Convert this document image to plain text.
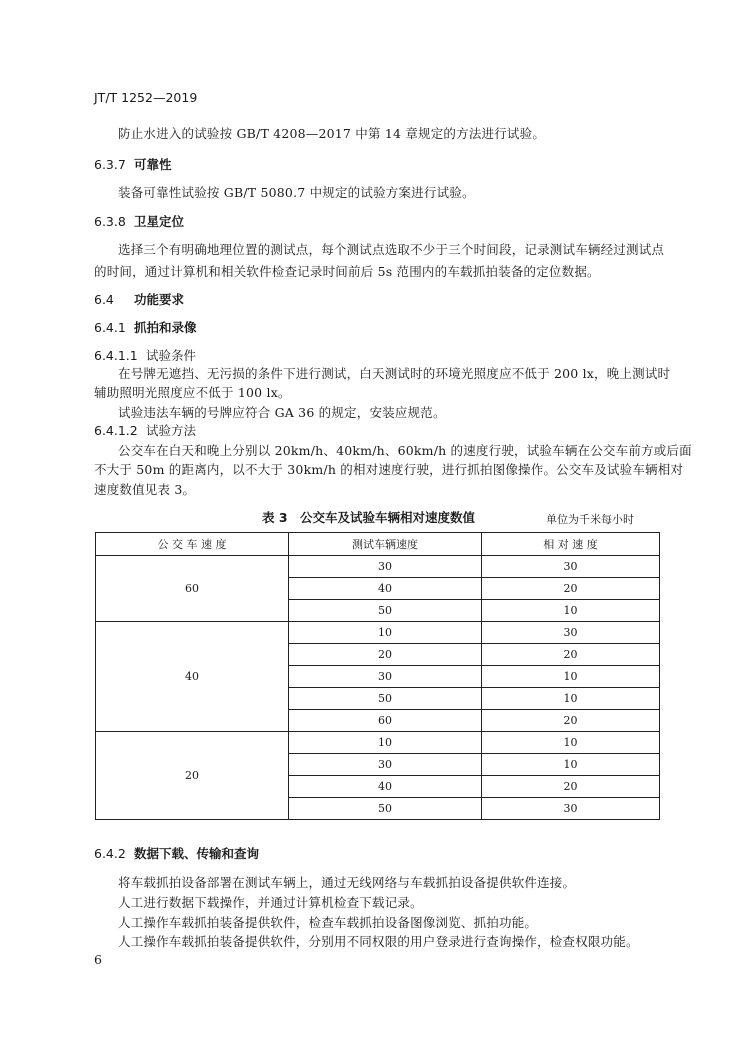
JT/T 1252—2019
防止水进入的试验按 GB/T 4208—2017 中第 14 章规定的方法进行试验。
6.3.7 可靠性
装备可靠性试验按 GB/T 5080.7 中规定的试验方案进行试验。
6.3.8 卫星定位
选择三个有明确地理位置的测试点，每个测试点选取不少于三个时间段，记录测试车辆经过测试点
的时间，通过计算机和相关软件检查记录时间前后 5s 范围内的车载抓拍装备的定位数据。
6.4 功能要求
6.4.1 抓拍和录像
6.4.1.1 试验条件
在号牌无遮挡、无污损的条件下进行测试，白天测试时的环境光照度应不低于 200 lx，晚上测试时
辅助照明光照度应不低于 100 lx。
试验违法车辆的号牌应符合 GA 36 的规定，安装应规范。
6.4.1.2 试验方法
公交车在白天和晚上分别以 20km/h、40km/h、60km/h 的速度行驶，试验车辆在公交车前方或后面
不大于 50m 的距离内，以不大于 30km/h 的相对速度行驶，进行抓拍图像操作。公交车及试验车辆相对
速度数值见表 3。
表 3　公交车及试验车辆相对速度数值	单位为千米每小时
公 交 车 速 度	测试车辆速度	相 对 速 度
60	30	30
	40	20
	50	10
40	10	30
	20	20
	30	10
	50	10
	60	20
20	10	10
	30	10
	40	20
	50	30
6.4.2 数据下载、传输和查询
将车载抓拍设备部署在测试车辆上，通过无线网络与车载抓拍设备提供软件连接。
人工进行数据下载操作，并通过计算机检查下载记录。
人工操作车载抓拍装备提供软件，检查车载抓拍设备图像浏览、抓拍功能。
人工操作车载抓拍装备提供软件，分别用不同权限的用户登录进行查询操作，检查权限功能。
6
